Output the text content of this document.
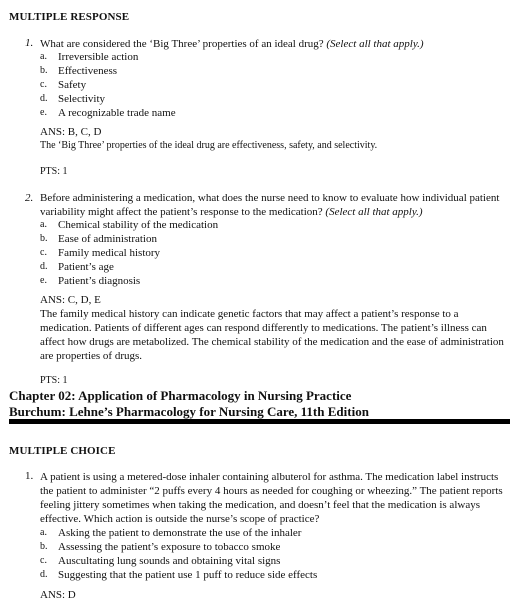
MULTIPLE RESPONSE
1. What are considered the ‘Big Three’ properties of an ideal drug? (Select all that apply.)
a. Irreversible action
b. Effectiveness
c. Safety
d. Selectivity
e. A recognizable trade name
ANS: B, C, D
The ‘Big Three’ properties of the ideal drug are effectiveness, safety, and selectivity.
PTS: 1
2. Before administering a medication, what does the nurse need to know to evaluate how individual patient variability might affect the patient’s response to the medication? (Select all that apply.)
a. Chemical stability of the medication
b. Ease of administration
c. Family medical history
d. Patient’s age
e. Patient’s diagnosis
ANS: C, D, E
The family medical history can indicate genetic factors that may affect a patient’s response to a medication. Patients of different ages can respond differently to medications. The patient’s illness can affect how drugs are metabolized. The chemical stability of the medication and the ease of administration are properties of drugs.
PTS: 1
Chapter 02: Application of Pharmacology in Nursing Practice
Burchum: Lehne’s Pharmacology for Nursing Care, 11th Edition
MULTIPLE CHOICE
1. A patient is using a metered-dose inhaler containing albuterol for asthma. The medication label instructs the patient to administer “2 puffs every 4 hours as needed for coughing or wheezing.” The patient reports feeling jittery sometimes when taking the medication, and doesn’t feel that the medication is always effective. Which action is outside the nurse’s scope of practice?
a. Asking the patient to demonstrate the use of the inhaler
b. Assessing the patient’s exposure to tobacco smoke
c. Auscultating lung sounds and obtaining vital signs
d. Suggesting that the patient use 1 puff to reduce side effects
ANS: D
